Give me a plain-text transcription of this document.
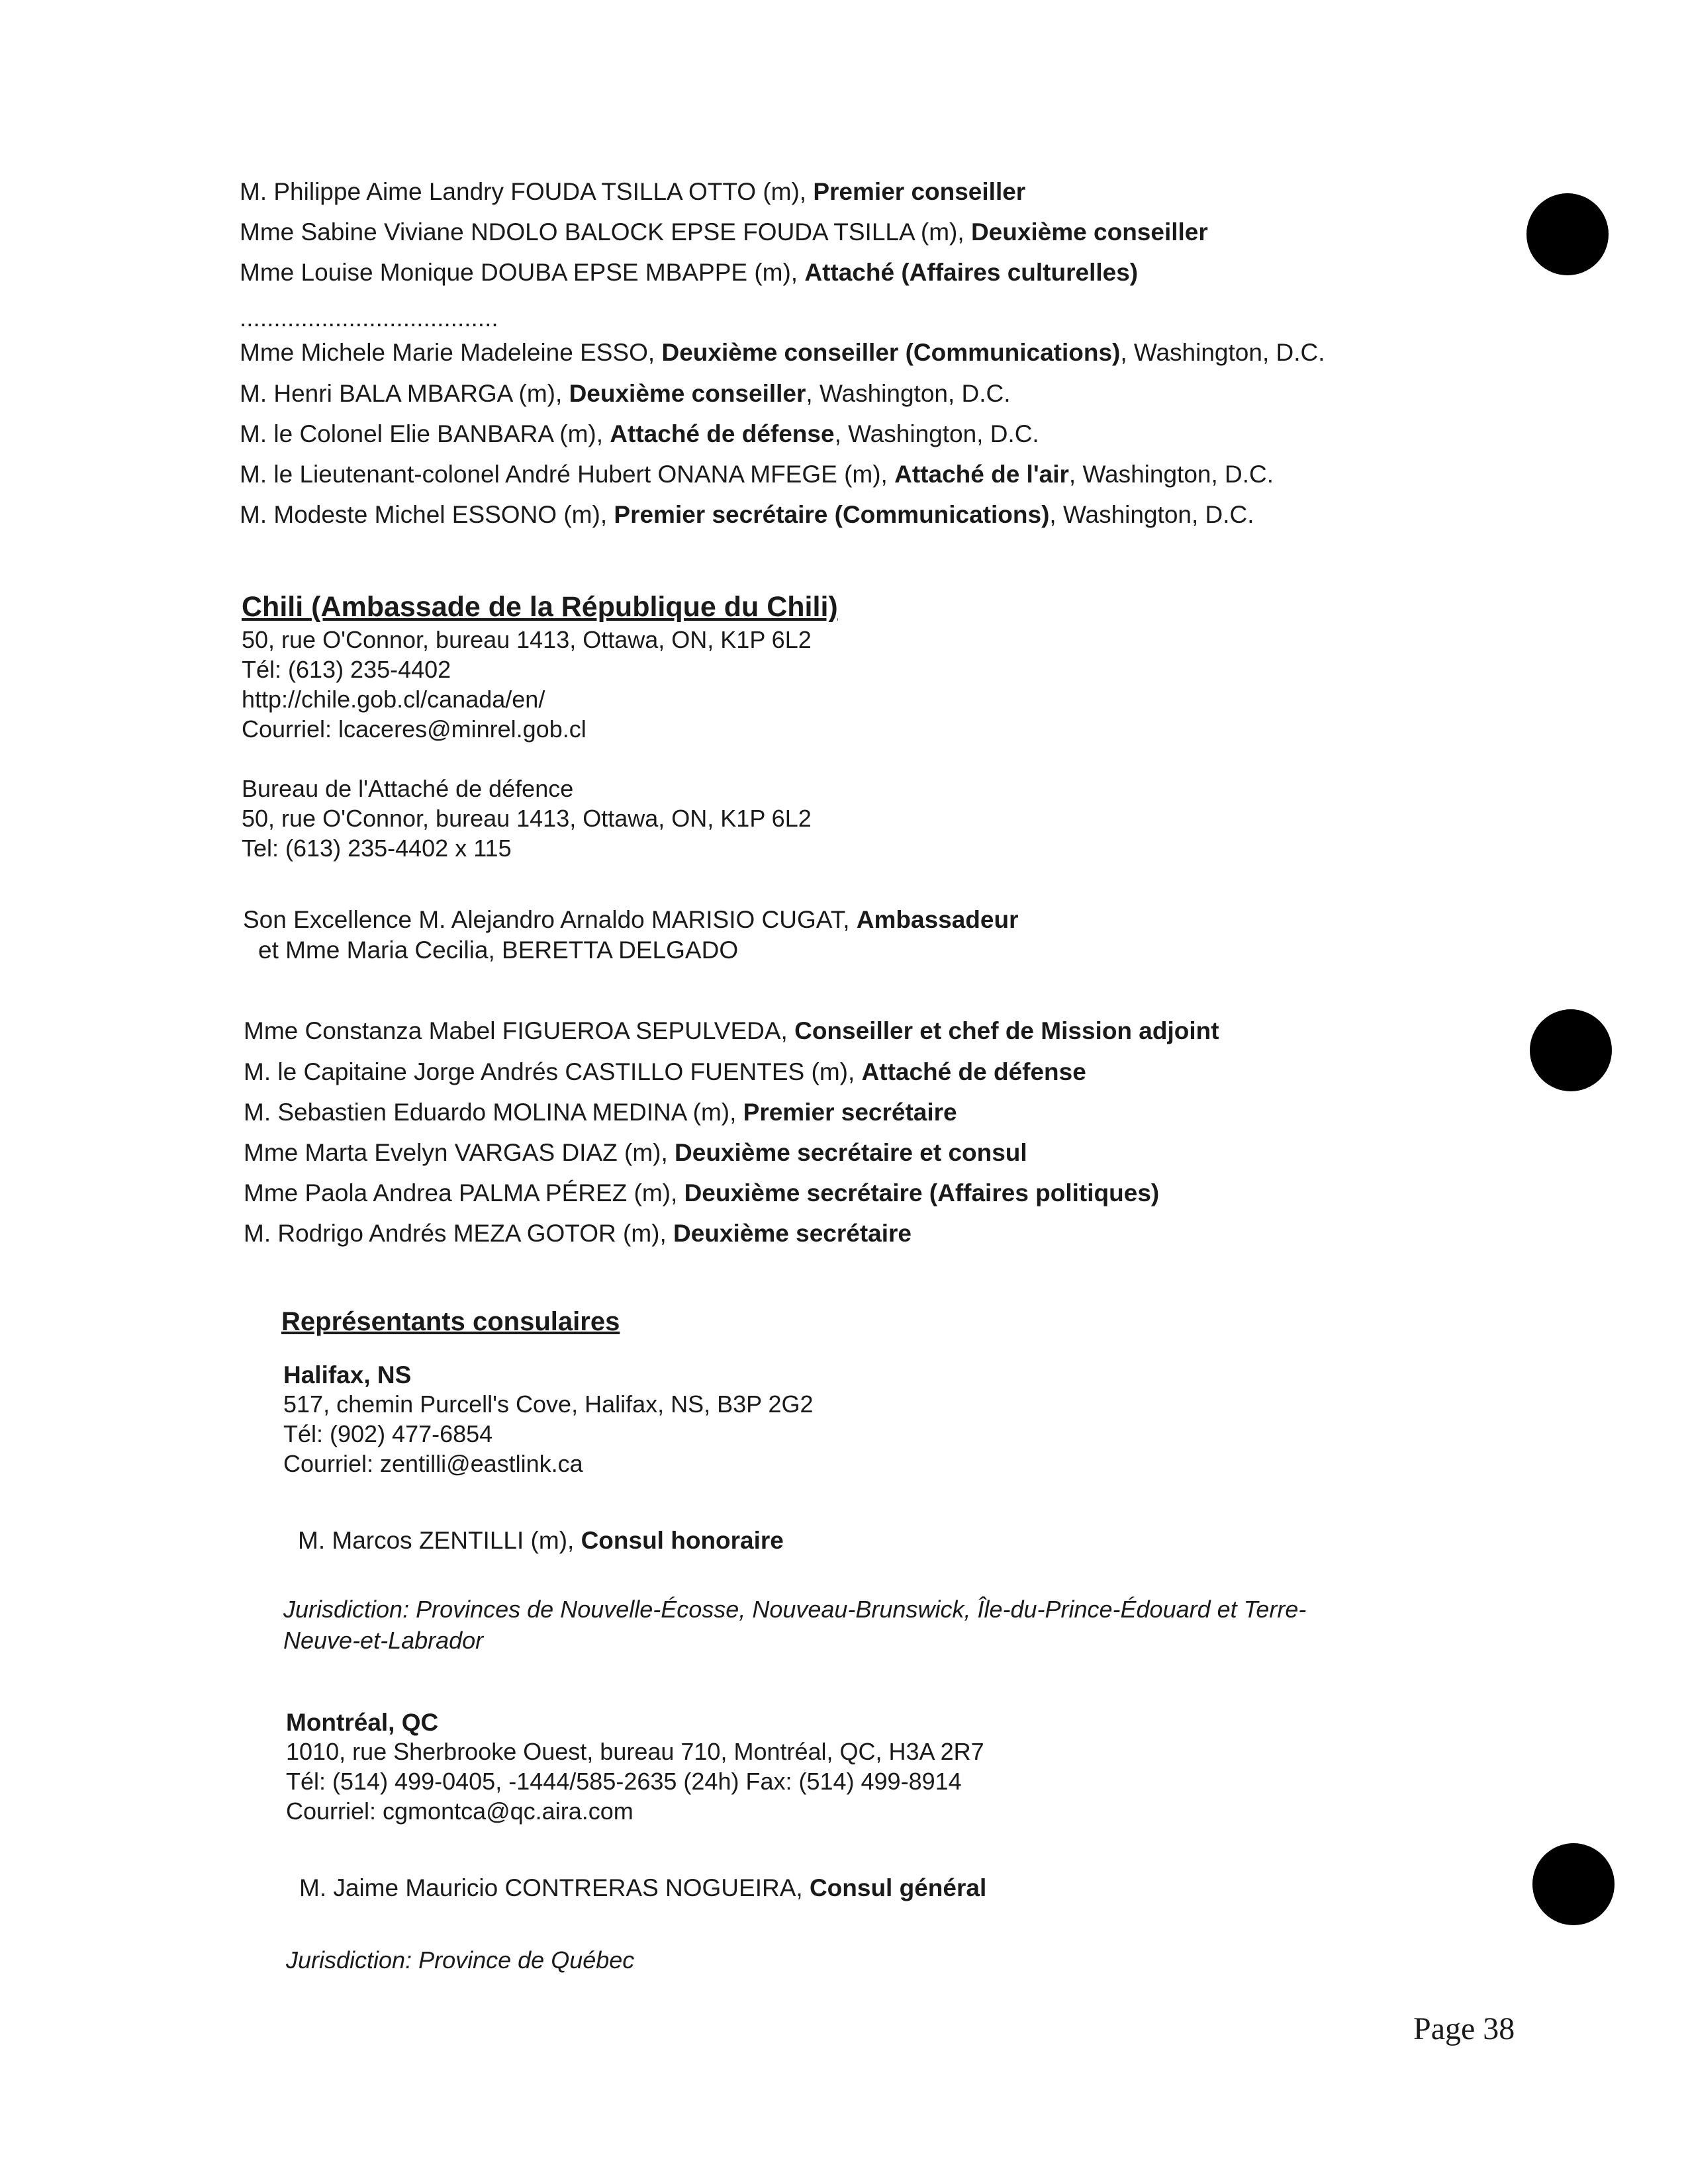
M. Philippe Aime Landry FOUDA TSILLA OTTO (m), Premier conseiller
Mme Sabine Viviane NDOLO BALOCK EPSE FOUDA TSILLA (m), Deuxième conseiller
Mme Louise Monique DOUBA EPSE MBAPPE (m), Attaché (Affaires culturelles)
......................................
Mme Michele Marie Madeleine ESSO, Deuxième conseiller (Communications), Washington, D.C.
M. Henri BALA MBARGA (m), Deuxième conseiller, Washington, D.C.
M. le Colonel Elie BANBARA (m), Attaché de défense, Washington, D.C.
M. le Lieutenant-colonel André Hubert ONANA MFEGE (m), Attaché de l'air, Washington, D.C.
M. Modeste Michel ESSONO (m), Premier secrétaire (Communications), Washington, D.C.
Chili (Ambassade de la République du Chili)
50, rue O'Connor, bureau 1413, Ottawa, ON, K1P 6L2
Tél: (613) 235-4402
http://chile.gob.cl/canada/en/
Courriel: lcaceres@minrel.gob.cl
Bureau de l'Attaché de défence
50, rue O'Connor, bureau 1413, Ottawa, ON, K1P 6L2
Tel: (613) 235-4402 x 115
Son Excellence M. Alejandro Arnaldo MARISIO CUGAT, Ambassadeur
et Mme Maria Cecilia, BERETTA DELGADO
Mme Constanza Mabel FIGUEROA SEPULVEDA, Conseiller et chef de Mission adjoint
M. le Capitaine Jorge Andrés CASTILLO FUENTES (m), Attaché de défense
M. Sebastien Eduardo MOLINA MEDINA (m), Premier secrétaire
Mme Marta Evelyn VARGAS DIAZ (m), Deuxième secrétaire et consul
Mme Paola Andrea PALMA PÉREZ (m), Deuxième secrétaire (Affaires politiques)
M. Rodrigo Andrés MEZA GOTOR (m), Deuxième secrétaire
Représentants consulaires
Halifax, NS
517, chemin Purcell's Cove, Halifax, NS, B3P 2G2
Tél: (902) 477-6854
Courriel: zentilli@eastlink.ca
M. Marcos ZENTILLI (m), Consul honoraire
Jurisdiction: Provinces de Nouvelle-Écosse, Nouveau-Brunswick, Île-du-Prince-Édouard et Terre-
Neuve-et-Labrador
Montréal, QC
1010, rue Sherbrooke Ouest, bureau 710, Montréal, QC, H3A 2R7
Tél: (514) 499-0405, -1444/585-2635 (24h) Fax: (514) 499-8914
Courriel: cgmontca@qc.aira.com
M. Jaime Mauricio CONTRERAS NOGUEIRA, Consul général
Jurisdiction: Province de Québec
Page 38
